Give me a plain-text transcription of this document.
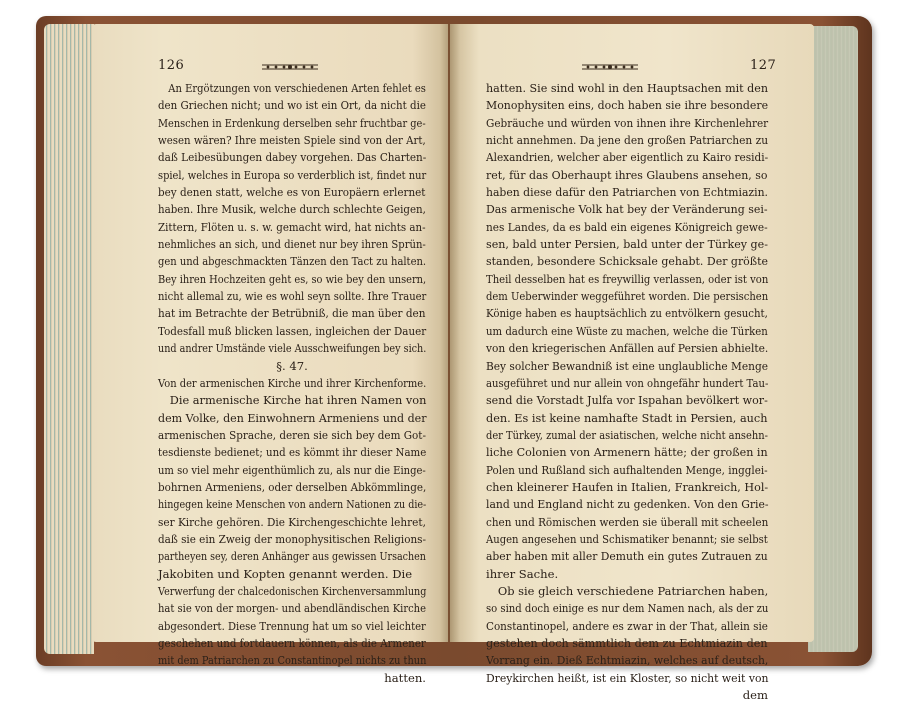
126
An Ergötzungen von verschiedenen Arten fehlet es
den Griechen nicht; und wo ist ein Ort, da nicht die
Menschen in Erdenkung derselben sehr fruchtbar ge-
wesen wären? Ihre meisten Spiele sind von der Art,
daß Leibesübungen dabey vorgehen. Das Charten-
spiel, welches in Europa so verderblich ist, findet nur
bey denen statt, welche es von Europäern erlernet
haben. Ihre Musik, welche durch schlechte Geigen,
Zittern, Flöten u. s. w. gemacht wird, hat nichts an-
nehmliches an sich, und dienet nur bey ihren Sprün-
gen und abgeschmackten Tänzen den Tact zu halten.
Bey ihren Hochzeiten geht es, so wie bey den unsern,
nicht allemal zu, wie es wohl seyn sollte. Ihre Trauer
hat im Betrachte der Betrübniß, die man über den
Todesfall muß blicken lassen, ingleichen der Dauer
und andrer Umstände viele Ausschweifungen bey sich.
§. 47.
Von der armenischen Kirche und ihrer Kirchenforme.
Die armenische Kirche hat ihren Namen von
dem Volke, den Einwohnern Armeniens und der
armenischen Sprache, deren sie sich bey dem Got-
tesdienste bedienet; und es kömmt ihr dieser Name
um so viel mehr eigenthümlich zu, als nur die Einge-
bohrnen Armeniens, oder derselben Abkömmlinge,
hingegen keine Menschen von andern Nationen zu die-
ser Kirche gehören. Die Kirchengeschichte lehret,
daß sie ein Zweig der monophysitischen Religions-
partheyen sey, deren Anhänger aus gewissen Ursachen
Jakobiten und Kopten genannt werden. Die
Verwerfung der chalcedonischen Kirchenversammlung
hat sie von der morgen- und abendländischen Kirche
abgesondert. Diese Trennung hat um so viel leichter
geschehen und fortdauern können, als die Armener
mit dem Patriarchen zu Constantinopel nichts zu thun
hatten.
127
hatten. Sie sind wohl in den Hauptsachen mit den
Monophysiten eins, doch haben sie ihre besondere
Gebräuche und würden von ihnen ihre Kirchenlehrer
nicht annehmen. Da jene den großen Patriarchen zu
Alexandrien, welcher aber eigentlich zu Kairo residi-
ret, für das Oberhaupt ihres Glaubens ansehen, so
haben diese dafür den Patriarchen von Echtmiazin.
Das armenische Volk hat bey der Veränderung sei-
nes Landes, da es bald ein eigenes Königreich gewe-
sen, bald unter Persien, bald unter der Türkey ge-
standen, besondere Schicksale gehabt. Der größte
Theil desselben hat es freywillig verlassen, oder ist von
dem Ueberwinder weggeführet worden. Die persischen
Könige haben es hauptsächlich zu entvölkern gesucht,
um dadurch eine Wüste zu machen, welche die Türken
von den kriegerischen Anfällen auf Persien abhielte.
Bey solcher Bewandniß ist eine unglaubliche Menge
ausgeführet und nur allein von ohngefähr hundert Tau-
send die Vorstadt Julfa vor Ispahan bevölkert wor-
den. Es ist keine namhafte Stadt in Persien, auch
der Türkey, zumal der asiatischen, welche nicht ansehn-
liche Colonien von Armenern hätte; der großen in
Polen und Rußland sich aufhaltenden Menge, ingglei-
chen kleinerer Haufen in Italien, Frankreich, Hol-
land und England nicht zu gedenken. Von den Grie-
chen und Römischen werden sie überall mit scheelen
Augen angesehen und Schismatiker benannt; sie selbst
aber haben mit aller Demuth ein gutes Zutrauen zu
ihrer Sache.
Ob sie gleich verschiedene Patriarchen haben,
so sind doch einige es nur dem Namen nach, als der zu
Constantinopel, andere es zwar in der That, allein sie
gestehen doch sämmtlich dem zu Echtmiazin den
Vorrang ein. Dieß Echtmiazin, welches auf deutsch,
Dreykirchen heißt, ist ein Kloster, so nicht weit von
dem
